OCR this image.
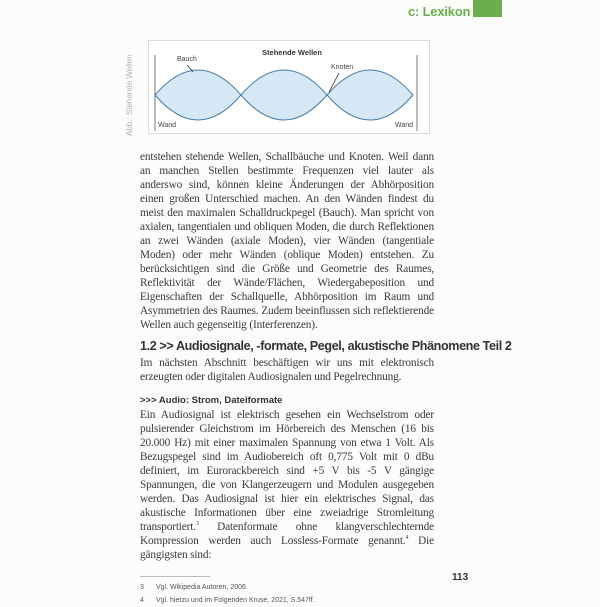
c: Lexikon
Abb.: Stehende Wellen
Stehende Wellen
Bauch
Knoten
Wand	Wand

entstehen stehende Wellen, Schallbäuche und Knoten. Weil dann an manchen Stellen bestimmte Frequenzen viel lauter als anderswo sind, können kleine Änderungen der Abhörposition einen großen Unterschied machen. An den Wänden findest du meist den maximalen Schalldruckpegel (Bauch). Man spricht von axialen, tangentialen und obliquen Moden, die durch Reflektionen an zwei Wänden (axiale Moden), vier Wänden (tangentiale Moden) oder mehr Wänden (oblique Moden) entstehen. Zu berücksichtigen sind die Größe und Geometrie des Raumes, Reflektivität der Wände/Flächen, Wiedergabeposition und Eigenschaften der Schallquelle, Abhörposition im Raum und Asymmetrien des Raumes. Zudem beeinflussen sich reflektierende Wellen auch gegenseitig (Interferenzen).

1.2 >> Audiosignale, -formate, Pegel, akustische Phänomene Teil 2

Im nächsten Abschnitt beschäftigen wir uns mit elektronisch erzeugten oder digitalen Audiosignalen und Pegelrechnung.

>>> Audio: Strom, Dateiformate

Ein Audiosignal ist elektrisch gesehen ein Wechselstrom oder pulsierender Gleichstrom im Hörbereich des Menschen (16 bis 20.000 Hz) mit einer maximalen Spannung von etwa 1 Volt. Als Bezugspegel sind im Audiobereich oft 0,775 Volt mit 0 dBu definiert, im Eurorackbereich sind +5 V bis -5 V gängige Spannungen, die von Klangerzeugern und Modulen ausgegeben werden. Das Audiosignal ist hier ein elektrisches Signal, das akustische Informationen über eine zweiadrige Stromleitung transportiert.$^3$ Datenformate ohne klangverschlechternde Kompression werden auch Lossless-Formate genannt.$^4$ Die gängigsten sind:

3 Vgl. Wikipedia Autoren, 2006.
4 Vgl. hierzu und im Folgenden Kruse, 2021, S.547ff.
113
